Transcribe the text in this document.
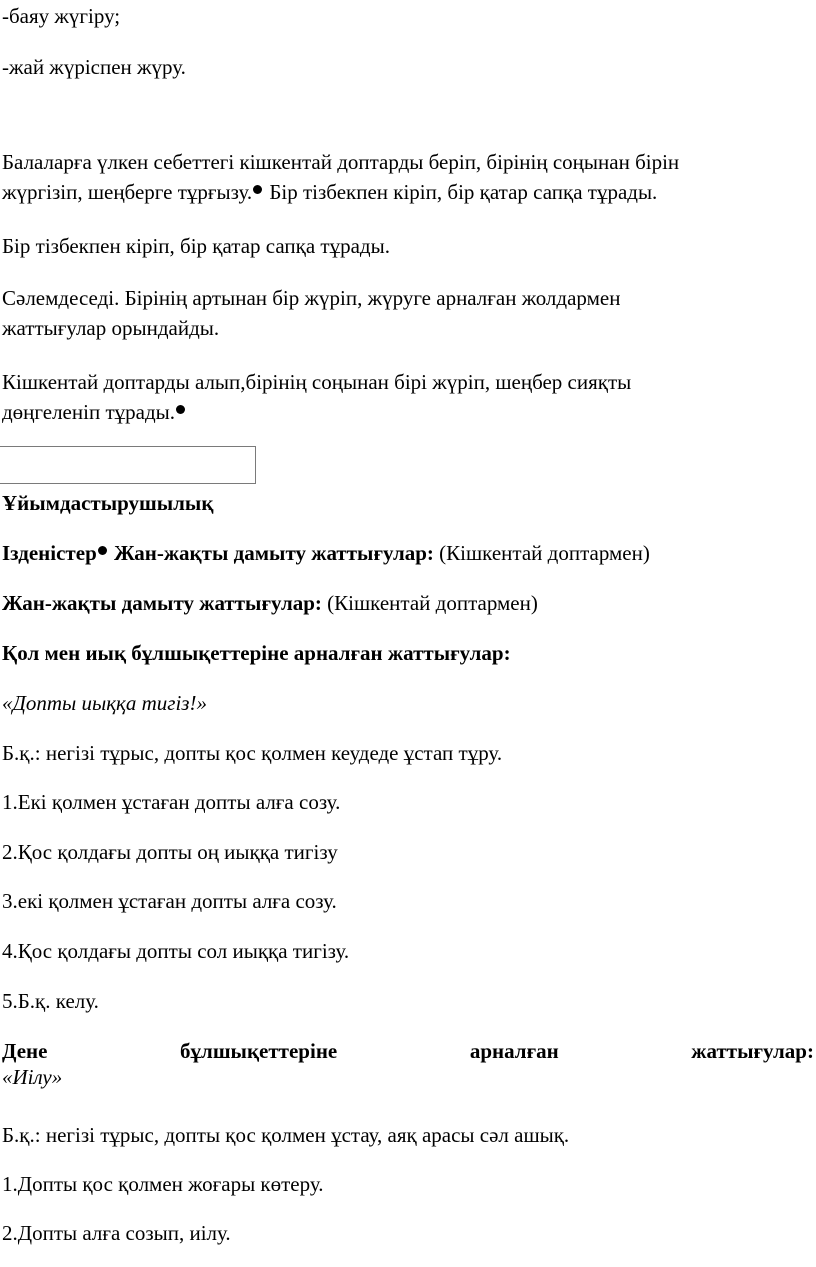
-баяу жүгіру;

-жай жүріспен жүру.

Балаларға үлкен себеттегі кішкентай доптарды беріп, бірінің соңынан бірін
жүргізіп, шеңберге тұрғызу. Бір тізбекпен кіріп, бір қатар сапқа тұрады.

Бір тізбекпен кіріп, бір қатар сапқа тұрады.

Сәлемдеседі. Бірінің артынан бір жүріп, жүруге арналған жолдармен
жаттығулар орындайды.

Кішкентай доптарды алып,бірінің соңынан бірі жүріп, шеңбер сияқты
дөңгеленіп тұрады.

Ұйымдастырушылық

Ізденістер Жан-жақты дамыту жаттығулар: (Кішкентай доптармен)

Жан-жақты дамыту жаттығулар: (Кішкентай доптармен)

Қол мен иық бұлшықеттеріне арналған жаттығулар:

«Допты иыққа тигіз!»

Б.қ.: негізі тұрыс, допты қос қолмен кеудеде ұстап тұру.

1.Екі қолмен ұстаған допты алға созу.

2.Қос қолдағы допты оң иыққа тигізу

3.екі қолмен ұстаған допты алға созу.

4.Қос қолдағы допты сол иыққа тигізу.

5.Б.қ. келу.

Дене	бұлшықеттеріне	арналған	жаттығулар:
«Иілу»

Б.қ.: негізі тұрыс, допты қос қолмен ұстау, аяқ арасы сәл ашық.

1.Допты қос қолмен жоғары көтеру.

2.Допты алға созып, иілу.
